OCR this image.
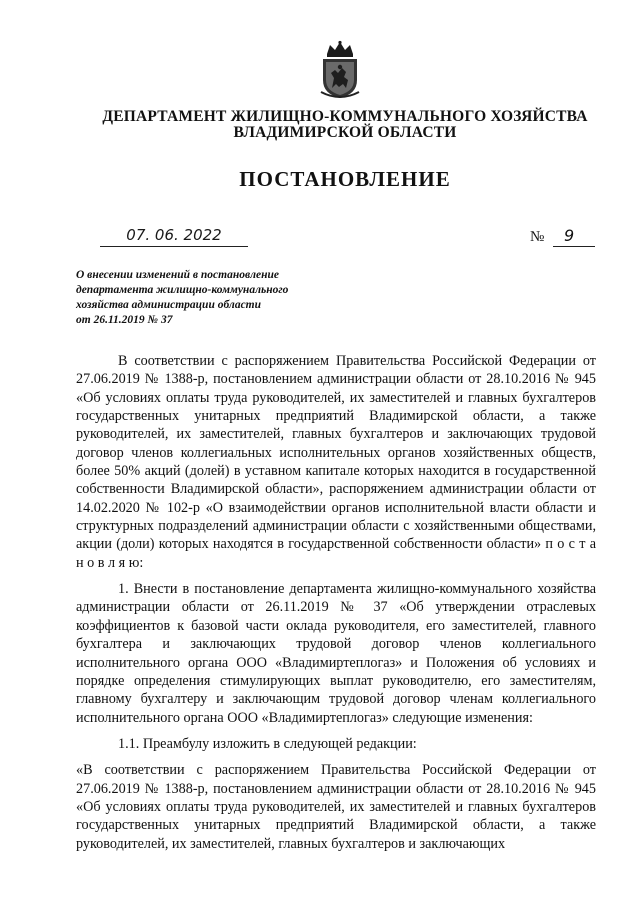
ДЕПАРТАМЕНТ ЖИЛИЩНО-КОММУНАЛЬНОГО ХОЗЯЙСТВА
ВЛАДИМИРСКОЙ ОБЛАСТИ
ПОСТАНОВЛЕНИЕ
07. 06. 2022	№ 9
О внесении изменений в постановление
департамента жилищно-коммунального
хозяйства администрации области
от 26.11.2019 № 37

В соответствии с распоряжением Правительства Российской Федерации от 27.06.2019 № 1388-р, постановлением администрации области от 28.10.2016 № 945 «Об условиях оплаты труда руководителей, их заместителей и главных бухгалтеров государственных унитарных предприятий Владимирской области, а также руководителей, их заместителей, главных бухгалтеров и заключающих трудовой договор членов коллегиальных исполнительных органов хозяйственных обществ, более 50% акций (долей) в уставном капитале которых находится в государственной собственности Владимирской области», распоряжением администрации области от 14.02.2020 № 102-р «О взаимодействии органов исполнительной власти области и структурных подразделений администрации области с хозяйственными обществами, акции (доли) которых находятся в государственной собственности области» п о с т а н о в л я ю:

1. Внести в постановление департамента жилищно-коммунального хозяйства администрации области от 26.11.2019 № 37 «Об утверждении отраслевых коэффициентов к базовой части оклада руководителя, его заместителей, главного бухгалтера и заключающих трудовой договор членов коллегиального исполнительного органа ООО «Владимиртеплогаз» и Положения об условиях и порядке определения стимулирующих выплат руководителю, его заместителям, главному бухгалтеру и заключающим трудовой договор членам коллегиального исполнительного органа ООО «Владимиртеплогаз» следующие изменения:

1.1. Преамбулу изложить в следующей редакции:

«В соответствии с распоряжением Правительства Российской Федерации от 27.06.2019 № 1388-р, постановлением администрации области от 28.10.2016 № 945 «Об условиях оплаты труда руководителей, их заместителей и главных бухгалтеров государственных унитарных предприятий Владимирской области, а также руководителей, их заместителей, главных бухгалтеров и заключающих
